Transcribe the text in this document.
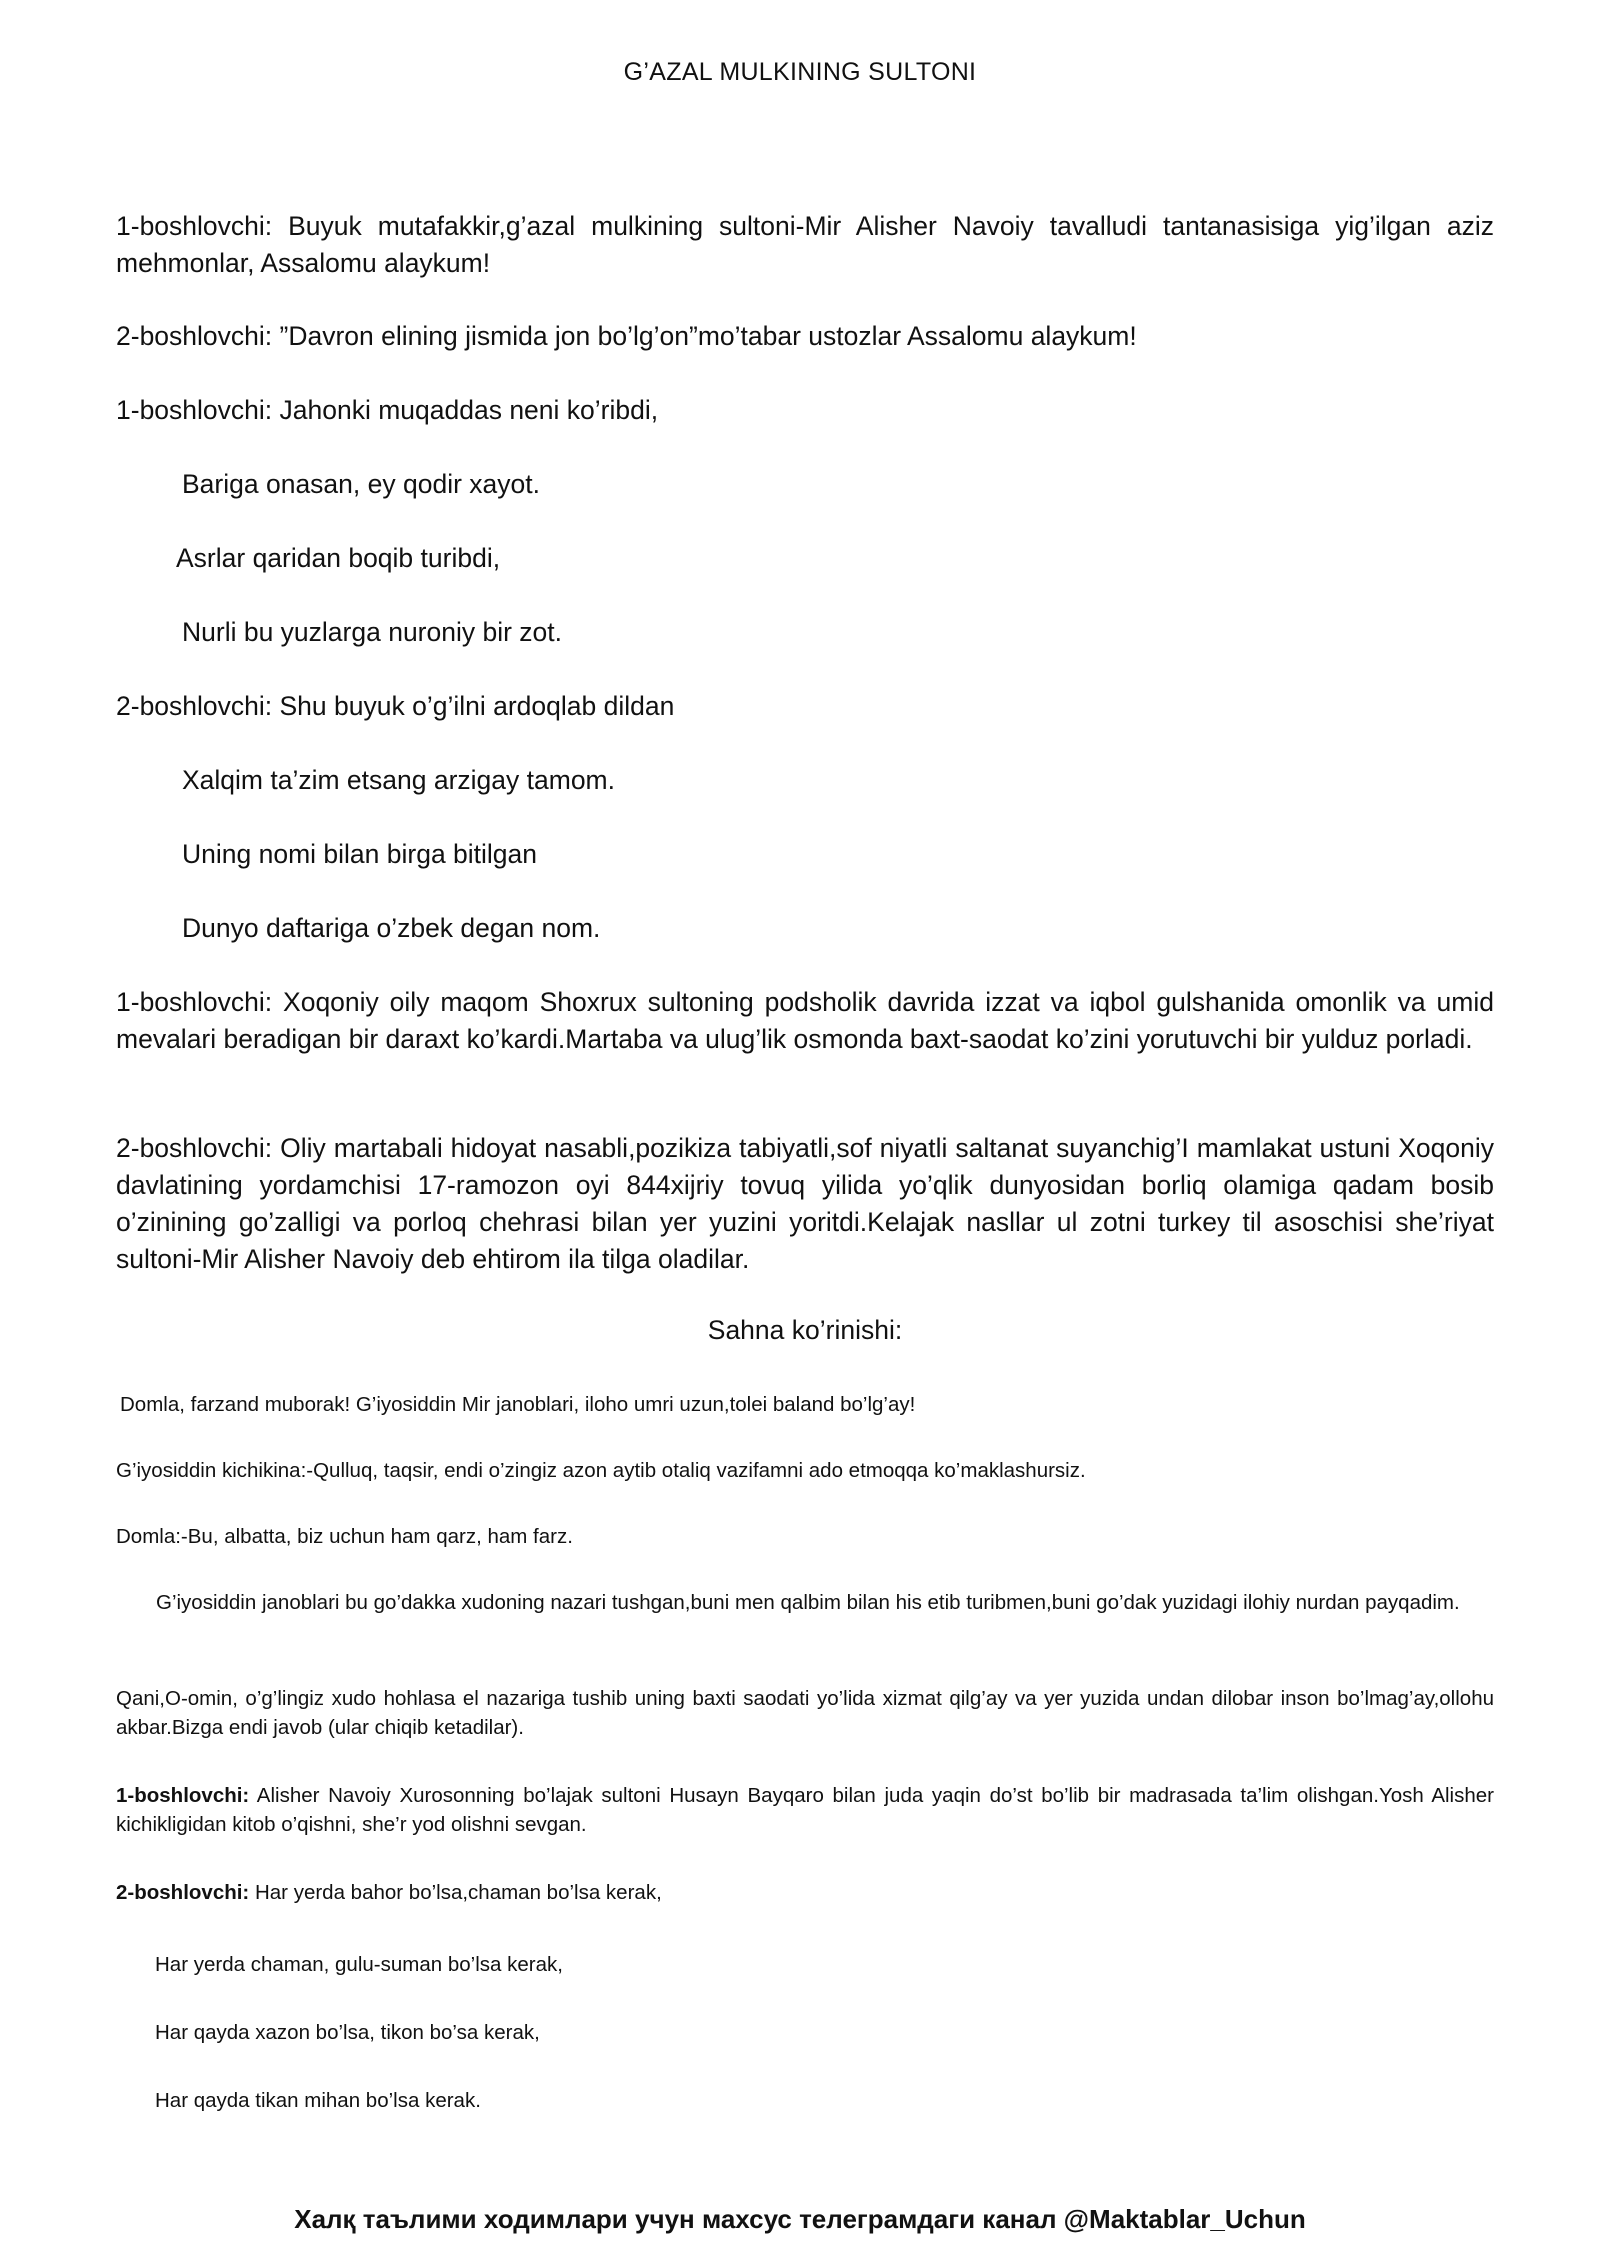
G’AZAL MULKINING SULTONI
1-boshlovchi: Buyuk mutafakkir,g’azal mulkining sultoni-Mir Alisher Navoiy tavalludi tantanasisiga yig’ilgan aziz mehmonlar, Assalomu alaykum!
2-boshlovchi: ”Davron elining jismida jon bo’lg’on”mo’tabar ustozlar Assalomu alaykum!
1-boshlovchi: Jahonki muqaddas neni ko’ribdi,
Bariga onasan, ey qodir xayot.
Asrlar qaridan boqib turibdi,
Nurli bu yuzlarga nuroniy bir zot.
2-boshlovchi: Shu buyuk o’g’ilni ardoqlab dildan
Xalqim ta’zim etsang arzigay tamom.
Uning nomi bilan birga bitilgan
Dunyo daftariga o’zbek degan nom.
1-boshlovchi: Xoqoniy oily maqom Shoxrux sultoning podsholik davrida izzat va iqbol gulshanida omonlik va umid mevalari beradigan bir daraxt ko’kardi.Martaba va ulug’lik osmonda baxt-saodat ko’zini yorutuvchi bir yulduz porladi.
2-boshlovchi: Oliy martabali hidoyat nasabli,pozikiza tabiyatli,sof niyatli saltanat suyanchig’I mamlakat ustuni Xoqoniy davlatining yordamchisi 17-ramozon oyi 844xijriy tovuq yilida yo’qlik dunyosidan borliq olamiga qadam bosib o’zinining go’zalligi va porloq chehrasi bilan yer yuzini yoritdi.Kelajak nasllar ul zotni turkey til asoschisi she’riyat sultoni-Mir Alisher Navoiy deb ehtirom ila tilga oladilar.
Sahna ko’rinishi:
Domla, farzand muborak! G’iyosiddin Mir janoblari, iloho umri uzun,tolei baland bo’lg’ay!
G’iyosiddin kichikina:-Qulluq, taqsir, endi o’zingiz azon aytib otaliq vazifamni ado etmoqqa ko’maklashursiz.
Domla:-Bu, albatta, biz uchun ham qarz, ham farz.
G’iyosiddin janoblari bu go’dakka xudoning nazari tushgan,buni men qalbim bilan his etib turibmen,buni go’dak yuzidagi ilohiy nurdan payqadim.
Qani,O-omin, o’g’lingiz xudo hohlasa el nazariga tushib uning baxti saodati yo’lida xizmat qilg’ay va yer yuzida undan dilobar inson bo’lmag’ay,ollohu akbar.Bizga endi javob (ular chiqib ketadilar).
1-boshlovchi: Alisher Navoiy Xurosonning bo’lajak sultoni Husayn Bayqaro bilan juda yaqin do’st bo’lib bir madrasada ta’lim olishgan.Yosh Alisher kichikligidan kitob o’qishni, she’r yod olishni sevgan.
2-boshlovchi: Har yerda bahor bo’lsa,chaman bo’lsa kerak,
Har yerda chaman, gulu-suman bo’lsa kerak,
Har qayda xazon bo’lsa, tikon bo’sa kerak,
Har qayda tikan mihan bo’lsa kerak.
Халқ таълими ходимлари учун махсус телеграмдаги канал @Maktablar_Uchun
